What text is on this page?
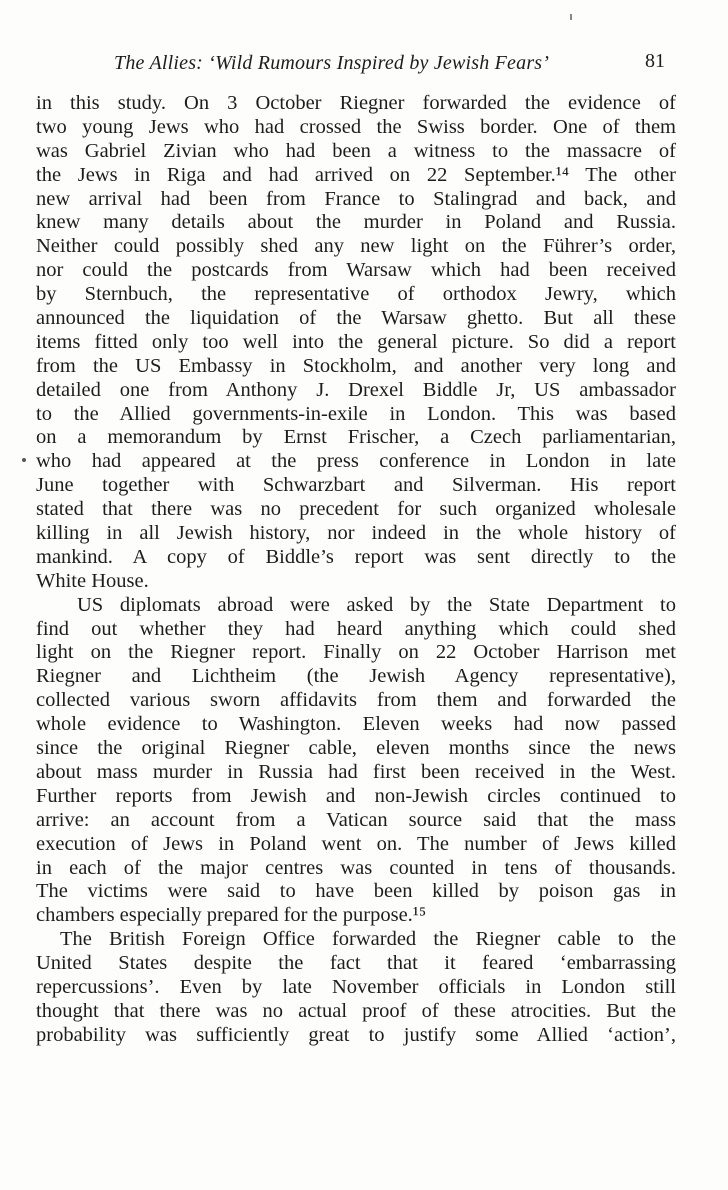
The Allies: ‘Wild Rumours Inspired by Jewish Fears’	81
in this study. On 3 October Riegner forwarded the evidence of
two young Jews who had crossed the Swiss border. One of them
was Gabriel Zivian who had been a witness to the massacre of
the Jews in Riga and had arrived on 22 September.¹⁴ The other
new arrival had been from France to Stalingrad and back, and
knew many details about the murder in Poland and Russia.
Neither could possibly shed any new light on the Führer’s order,
nor could the postcards from Warsaw which had been received
by Sternbuch, the representative of orthodox Jewry, which
announced the liquidation of the Warsaw ghetto. But all these
items fitted only too well into the general picture. So did a report
from the US Embassy in Stockholm, and another very long and
detailed one from Anthony J. Drexel Biddle Jr, US ambassador
to the Allied governments-in-exile in London. This was based
on a memorandum by Ernst Frischer, a Czech parliamentarian,
who had appeared at the press conference in London in late
June together with Schwarzbart and Silverman. His report
stated that there was no precedent for such organized wholesale
killing in all Jewish history, nor indeed in the whole history of
mankind. A copy of Biddle’s report was sent directly to the
White House.
US diplomats abroad were asked by the State Department to
find out whether they had heard anything which could shed
light on the Riegner report. Finally on 22 October Harrison met
Riegner and Lichtheim (the Jewish Agency representative),
collected various sworn affidavits from them and forwarded the
whole evidence to Washington. Eleven weeks had now passed
since the original Riegner cable, eleven months since the news
about mass murder in Russia had first been received in the West.
Further reports from Jewish and non-Jewish circles continued to
arrive: an account from a Vatican source said that the mass
execution of Jews in Poland went on. The number of Jews killed
in each of the major centres was counted in tens of thousands.
The victims were said to have been killed by poison gas in
chambers especially prepared for the purpose.¹⁵
The British Foreign Office forwarded the Riegner cable to the
United States despite the fact that it feared ‘embarrassing
repercussions’. Even by late November officials in London still
thought that there was no actual proof of these atrocities. But the
probability was sufficiently great to justify some Allied ‘action’,
